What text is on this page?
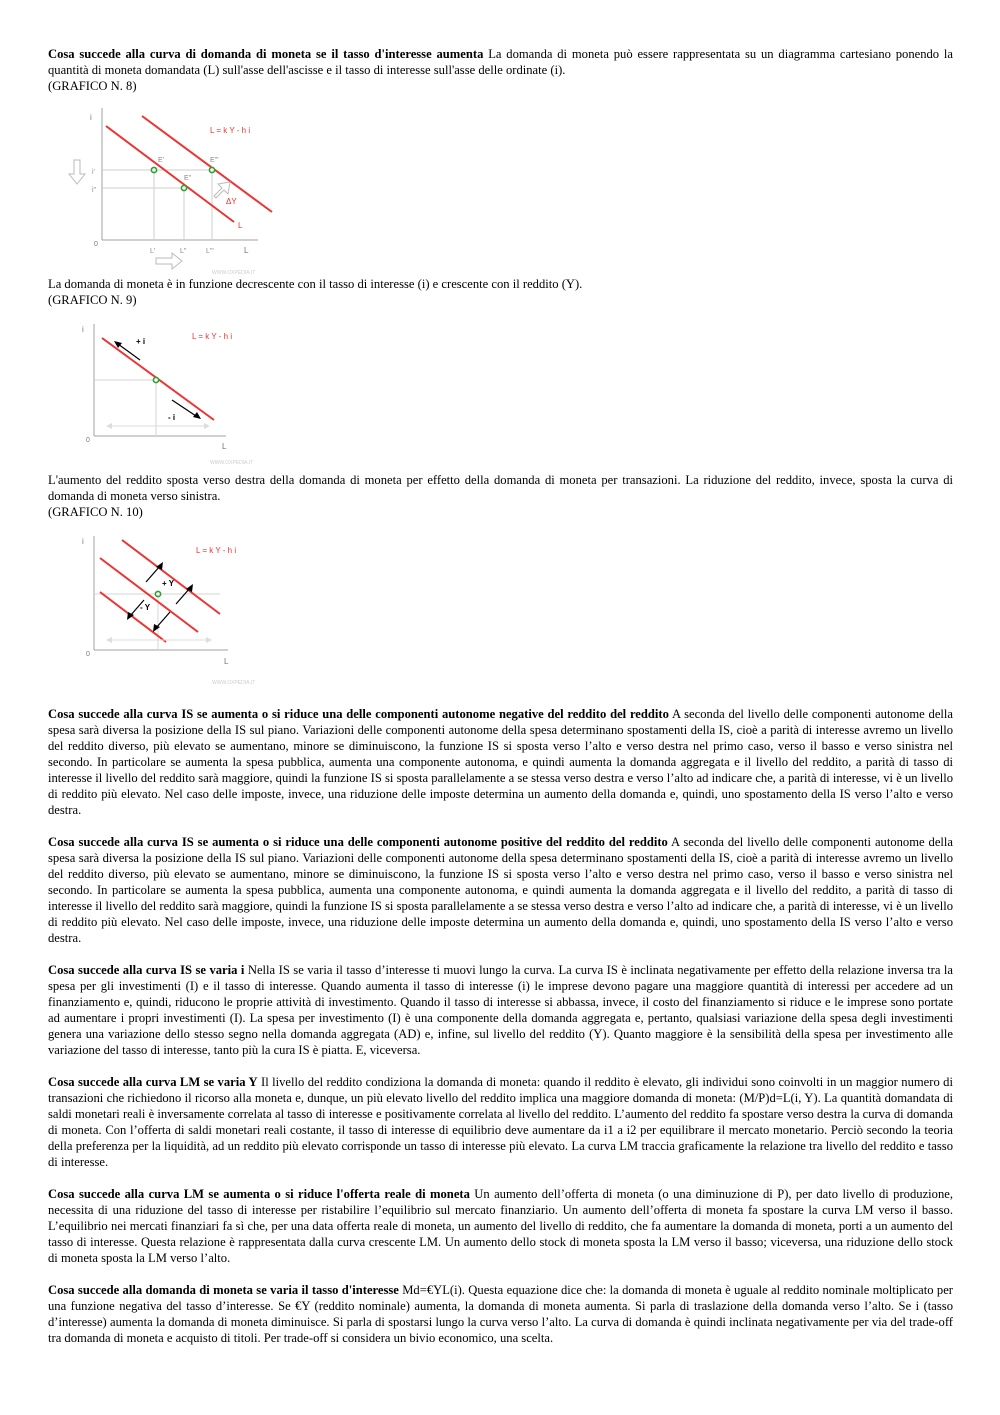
Cosa succede alla curva di domanda di moneta se il tasso d'interesse aumenta La domanda di moneta può essere rappresentata su un diagramma cartesiano ponendo la quantità di moneta domandata (L) sull'asse dell'ascisse e il tasso di interesse sull'asse delle ordinate (i).

(GRAFICO N. 8)
i
0
L
L = k Y - h i
E'
E"
E'"
i'
i"
L'	L"	L'"
L
ΔY
WWW.OXPEDIA.IT

La domanda di moneta è in funzione decrescente con il tasso di interesse (i) e crescente con il reddito (Y).

(GRAFICO N. 9)
i
0
L
L = k Y - h i
+ i
- i
WWW.OXPEDIA.IT

L'aumento del reddito sposta verso destra della domanda di moneta per effetto della domanda di moneta per transazioni. La riduzione del reddito, invece, sposta la curva di domanda di moneta verso sinistra.

(GRAFICO N. 10)
i
0
L
L = k Y - h i
+ Y
- Y
WWW.OXPEDIA.IT

Cosa succede alla curva IS se aumenta o si riduce una delle componenti autonome negative del reddito del reddito A seconda del livello delle componenti autonome della spesa sarà diversa la posizione della IS sul piano. Variazioni delle componenti autonome della spesa determinano spostamenti della IS, cioè a parità di interesse avremo un livello del reddito diverso, più elevato se aumentano, minore se diminuiscono, la funzione IS si sposta verso l’alto e verso destra nel primo caso, verso il basso e verso sinistra nel secondo. In particolare se aumenta la spesa pubblica, aumenta una componente autonoma, e quindi aumenta la domanda aggregata e il livello del reddito, a parità di tasso di interesse il livello del reddito sarà maggiore, quindi la funzione IS si sposta parallelamente a se stessa verso destra e verso l’alto ad indicare che, a parità di interesse, vi è un livello di reddito più elevato. Nel caso delle imposte, invece, una riduzione delle imposte determina un aumento della domanda e, quindi, uno spostamento della IS verso l’alto e verso destra.

Cosa succede alla curva IS se aumenta o si riduce una delle componenti autonome positive del reddito del reddito A seconda del livello delle componenti autonome della spesa sarà diversa la posizione della IS sul piano. Variazioni delle componenti autonome della spesa determinano spostamenti della IS, cioè a parità di interesse avremo un livello del reddito diverso, più elevato se aumentano, minore se diminuiscono, la funzione IS si sposta verso l’alto e verso destra nel primo caso, verso il basso e verso sinistra nel secondo. In particolare se aumenta la spesa pubblica, aumenta una componente autonoma, e quindi aumenta la domanda aggregata e il livello del reddito, a parità di tasso di interesse il livello del reddito sarà maggiore, quindi la funzione IS si sposta parallelamente a se stessa verso destra e verso l’alto ad indicare che, a parità di interesse, vi è un livello di reddito più elevato. Nel caso delle imposte, invece, una riduzione delle imposte determina un aumento della domanda e, quindi, uno spostamento della IS verso l’alto e verso destra.

Cosa succede alla curva IS se varia i Nella IS se varia il tasso d’interesse ti muovi lungo la curva. La curva IS è inclinata negativamente per effetto della relazione inversa tra la spesa per gli investimenti (I) e il tasso di interesse. Quando aumenta il tasso di interesse (i) le imprese devono pagare una maggiore quantità di interessi per accedere ad un finanziamento e, quindi, riducono le proprie attività di investimento. Quando il tasso di interesse si abbassa, invece, il costo del finanziamento si riduce e le imprese sono portate ad aumentare i propri investimenti (I). La spesa per investimento (I) è una componente della domanda aggregata e, pertanto, qualsiasi variazione della spesa degli investimenti genera una variazione dello stesso segno nella domanda aggregata (AD) e, infine, sul livello del reddito (Y). Quanto maggiore è la sensibilità della spesa per investimento alle variazione del tasso di interesse, tanto più la cura IS è piatta. E, viceversa.

Cosa succede alla curva LM se varia Y Il livello del reddito condiziona la domanda di moneta: quando il reddito è elevato, gli individui sono coinvolti in un maggior numero di transazioni che richiedono il ricorso alla moneta e, dunque, un più elevato livello del reddito implica una maggiore domanda di moneta: (M/P)d=L(i, Y). La quantità domandata di saldi monetari reali è inversamente correlata al tasso di interesse e positivamente correlata al livello del reddito. L’aumento del reddito fa spostare verso destra la curva di domanda di moneta. Con l’offerta di saldi monetari reali costante, il tasso di interesse di equilibrio deve aumentare da i1 a i2 per equilibrare il mercato monetario. Perciò secondo la teoria della preferenza per la liquidità, ad un reddito più elevato corrisponde un tasso di interesse più elevato. La curva LM traccia graficamente la relazione tra livello del reddito e tasso di interesse.

Cosa succede alla curva LM se aumenta o si riduce l'offerta reale di moneta Un aumento dell’offerta di moneta (o una diminuzione di P), per dato livello di produzione, necessita di una riduzione del tasso di interesse per ristabilire l’equilibrio sul mercato finanziario. Un aumento dell’offerta di moneta fa spostare la curva LM verso il basso. L’equilibrio nei mercati finanziari fa sì che, per una data offerta reale di moneta, un aumento del livello di reddito, che fa aumentare la domanda di moneta, porti a un aumento del tasso di interesse. Questa relazione è rappresentata dalla curva crescente LM. Un aumento dello stock di moneta sposta la LM verso il basso; viceversa, una riduzione dello stock di moneta sposta la LM verso l’alto.

Cosa succede alla domanda di moneta se varia il tasso d'interesse Md=€YL(i). Questa equazione dice che: la domanda di moneta è uguale al reddito nominale moltiplicato per una funzione negativa del tasso d’interesse. Se €Y (reddito nominale) aumenta, la domanda di moneta aumenta. Si parla di traslazione della domanda verso l’alto. Se i (tasso d’interesse) aumenta la domanda di moneta diminuisce. Si parla di spostarsi lungo la curva verso l’alto. La curva di domanda è quindi inclinata negativamente per via del trade-off tra domanda di moneta e acquisto di titoli. Per trade-off si considera un bivio economico, una scelta.
